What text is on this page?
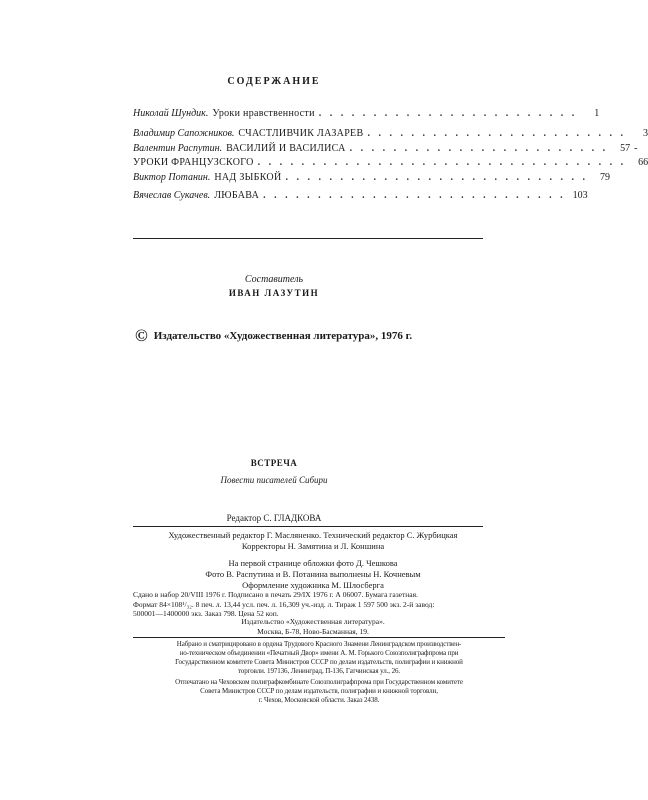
СОДЕРЖАНИЕ
Николай Шундик. Уроки нравственности . . . . . . . . . . . . . . . . . . . . . . . .	1
Владимир Сапожников. СЧАСТЛИВЧИК ЛАЗАРЕВ . . . . . . . . . . . . . . . . . . . . . . . .	3
Валентин Распутин. ВАСИЛИЙ И ВАСИЛИСА . . . . . . . . . . . . . . . . . . . . . . . .	57 -
УРОКИ ФРАНЦУЗСКОГО . . . . . . . . . . . . . . . . . . . . . . . . . . . . . . . . . .	66
Виктор Потанин. НАД ЗЫБКОЙ . . . . . . . . . . . . . . . . . . . . . . . . . . . .	79
Вячеслав Сукачев. ЛЮБАВА . . . . . . . . . . . . . . . . . . . . . . . . . . . . 103
Составитель
ИВАН ЛАЗУТИН
© Издательство «Художественная литература», 1976 г.
ВСТРЕЧА
Повести писателей Сибири
Редактор С. ГЛАДКОВА
Художественный редактор Г. Масляненко. Технический редактор С. Журбицкая
Корректоры Н. Замятина и Л. Коншина
На первой странице обложки фото Д. Чешкова
Фото В. Распутина и В. Потанина выполнены Н. Кочневым
Оформление художника М. Шлосберга
Сдано в набор 20/VIII 1976 г. Подписано в печать 29/IX 1976 г. А 06007. Бумага газетная.
Формат 84×108¹/₃₂. 8 печ. л. 13,44 усл. печ. л. 16,309 уч.-изд. л. Тираж 1 597 500 экз. 2-й завод:
500001—1400000 экз. Заказ 798. Цена 52 коп.
Издательство «Художественная литература».
Москва, Б-78, Ново-Басманная, 19.
Набрано и сматрицировано в ордена Трудового Красного Знамени Ленинградском производствен-
но-техническом объединении «Печатный Двор» имени А. М. Горького Союзполиграфпрома при
Государственном комитете Совета Министров СССР по делам издательств, полиграфии и книжной
торговли. 197136, Ленинград, П-136, Гатчинская ул., 26.
Отпечатано на Чеховском полиграфкомбинате Союзполиграфпрома при Государственном комитете
Совета Министров СССР по делам издательств, полиграфии и книжной торговли,
г. Чехов, Московской области. Заказ 2438.
